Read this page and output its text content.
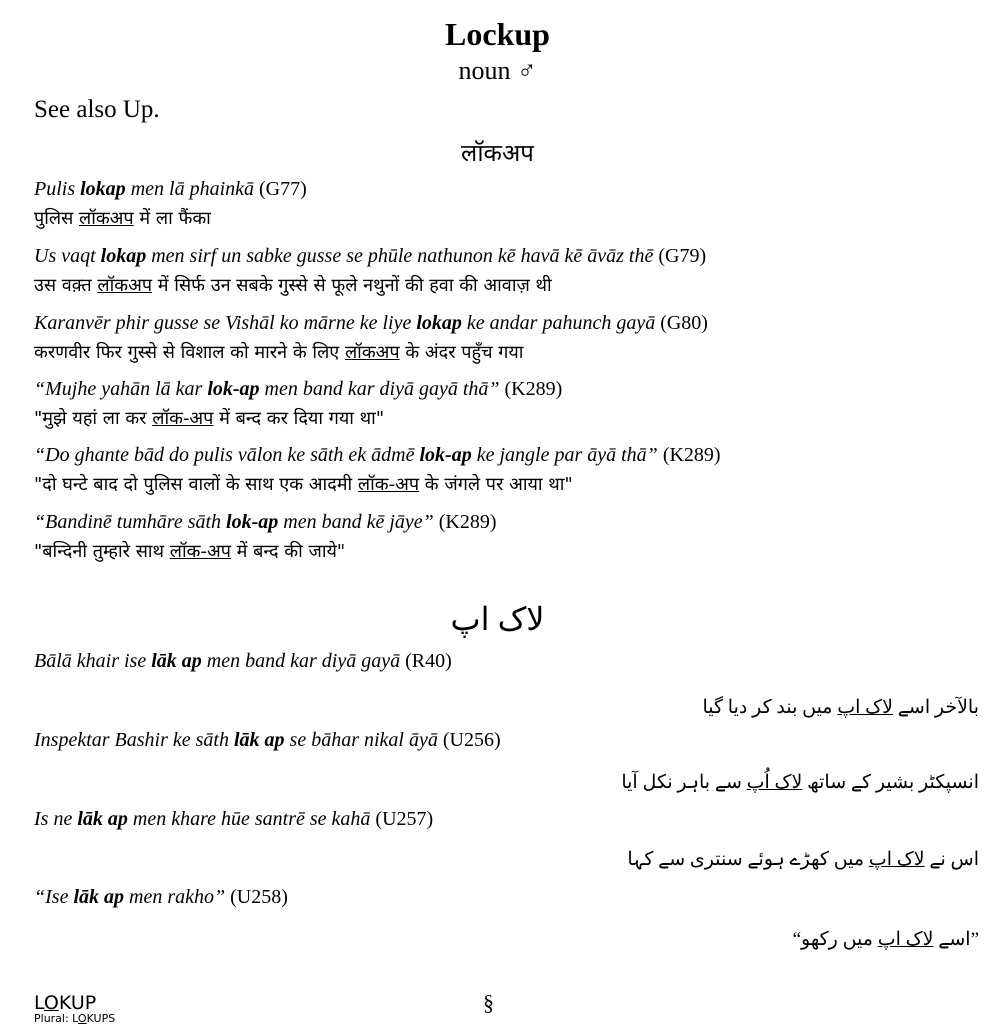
Lockup
noun ♂
See also Up.
लॉकअप
Pulis lokap men lā phainkā (G77)
पुलिस लॉकअप में ला फैंका
Us vaqt lokap men sirf un sabke gusse se phūle nathunon kē havā kē āvāz thē (G79)
उस वक़्त लॉकअप में सिर्फ उन सबके गुस्से से फूले नथुनों की हवा की आवाज़ थी
Karanvēr phir gusse se Vishāl ko mārne ke liye lokap ke andar pahunch gayā (G80)
करणवीर फिर गुस्से से विशाल को मारने के लिए लॉकअप के अंदर पहुँच गया
“Mujhe yahān lā kar lok-ap men band kar diyā gayā thā” (K289)
"मुझे यहां ला कर लॉक-अप में बन्द कर दिया गया था"
“Do ghante bād do pulis vālon ke sāth ek ādmē lok-ap ke jangle par āyā thā” (K289)
"दो घन्टे बाद दो पुलिस वालों के साथ एक आदमी लॉक-अप के जंगले पर आया था"
“Bandinē tumhāre sāth lok-ap men band kē jāye” (K289)
"बन्दिनी तुम्हारे साथ लॉक-अप में बन्द की जाये"
لاک اپ
Bālā khair ise lāk ap men band kar diyā gayā (R40)
بالآخر اسے لاک اپ میں بند کر دیا گیا
Inspektar Bashir ke sāth lāk ap se bāhar nikal āyā (U256)
انسپکٹر بشیر کے ساتھ لاک اُپ سے باہر نکل آیا
Is ne lāk ap men khare hūe santrē se kahā (U257)
اس نے لاک اپ میں کھڑے ہوئے سنتری سے کہا
“Ise lāk ap men rakho” (U258)
”اسے لاک اپ میں رکھو“
LOKUP
Plural: LOKUPS
§
